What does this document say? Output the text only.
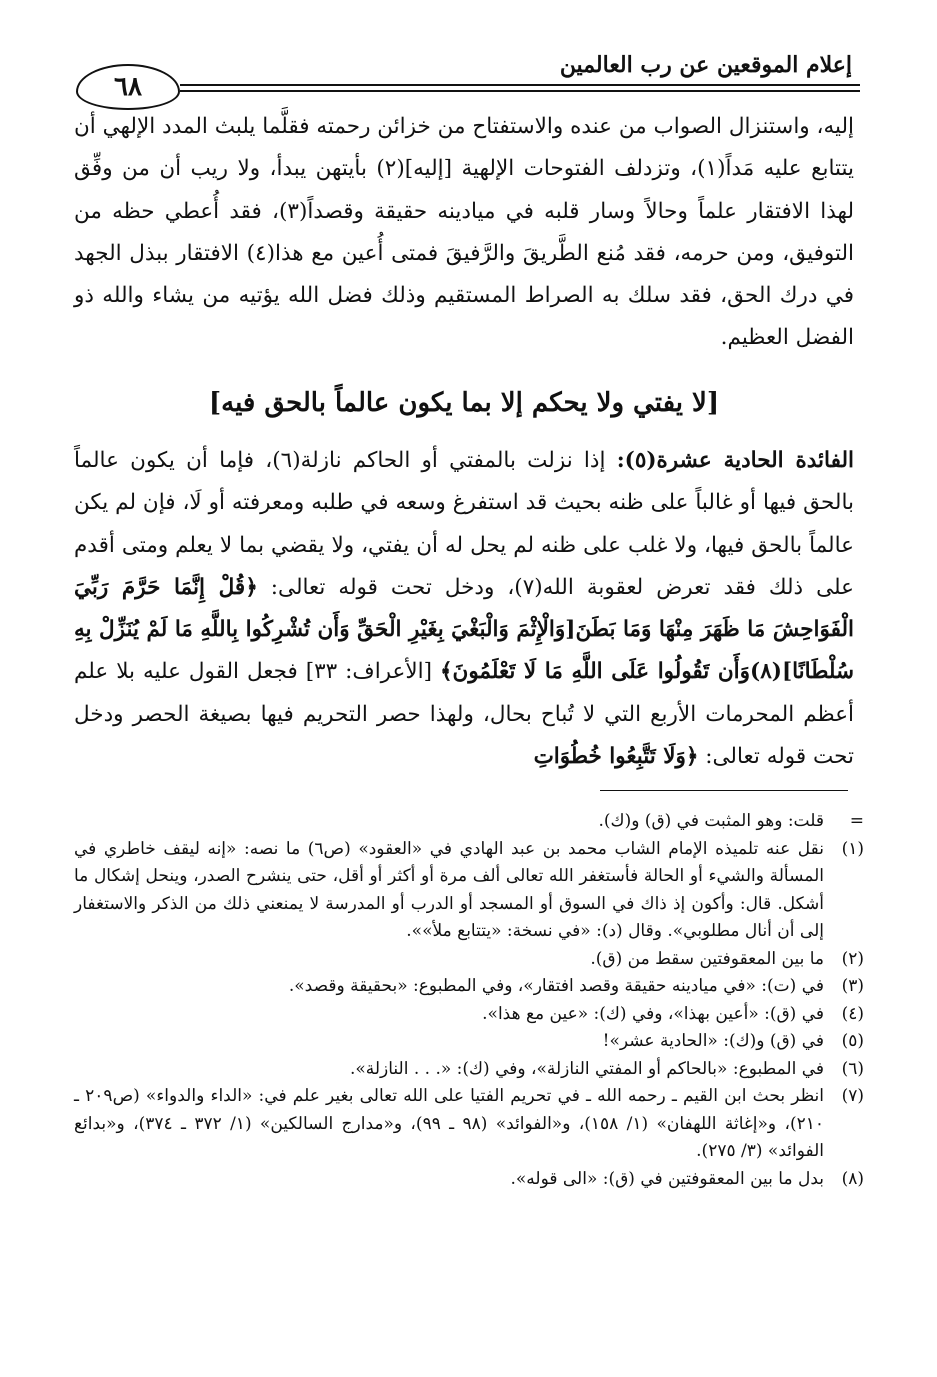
إعلام الموقعين عن رب العالمين
٦٨

إليه، واستنزال الصواب من عنده والاستفتاح من خزائن رحمته فقلَّما يلبث المدد الإلهي أن يتتابع عليه مَداً(١)، وتزدلف الفتوحات الإلهية [إليه](٢) بأيتهن يبدأ، ولا ريب أن من وفِّق لهذا الافتقار علماً وحالاً وسار قلبه في ميادينه حقيقة وقصداً(٣)، فقد أُعطي حظه من التوفيق، ومن حرمه، فقد مُنع الطَّريقَ والرَّفيقَ فمتى أُعين مع هذا(٤) الافتقار ببذل الجهد في درك الحق، فقد سلك به الصراط المستقيم وذلك فضل الله يؤتيه من يشاء والله ذو الفضل العظيم.

[لا يفتي ولا يحكم إلا بما يكون عالماً بالحق فيه]

الفائدة الحادية عشرة(٥): إذا نزلت بالمفتي أو الحاكم نازلة(٦)، فإما أن يكون عالماً بالحق فيها أو غالباً على ظنه بحيث قد استفرغ وسعه في طلبه ومعرفته أو لَا، فإن لم يكن عالماً بالحق فيها، ولا غلب على ظنه لم يحل له أن يفتي، ولا يقضي بما لا يعلم ومتى أقدم على ذلك فقد تعرض لعقوبة الله(٧)، ودخل تحت قوله تعالى: ﴿قُلْ إِنَّمَا حَرَّمَ رَبِّيَ الْفَوَاحِشَ مَا ظَهَرَ مِنْهَا وَمَا بَطَنَ[وَالْإِثْمَ وَالْبَغْيَ بِغَيْرِ الْحَقِّ وَأَن تُشْرِكُوا بِاللَّهِ مَا لَمْ يُنَزِّلْ بِهِ سُلْطَانًا](٨)وَأَن تَقُولُوا عَلَى اللَّهِ مَا لَا تَعْلَمُونَ﴾ [الأعراف: ٣٣] فجعل القول عليه بلا علم أعظم المحرمات الأربع التي لا تُباح بحال، ولهذا حصر التحريم فيها بصيغة الحصر ودخل تحت قوله تعالى: ﴿وَلَا تَتَّبِعُوا خُطُوَاتِ

=
قلت: وهو المثبت في (ق) و(ك).
(١)
نقل عنه تلميذه الإمام الشاب محمد بن عبد الهادي في «العقود» (ص٦) ما نصه: «إنه ليقف خاطري في المسألة والشيء أو الحالة فأستغفر الله تعالى ألف مرة أو أكثر أو أقل، حتى ينشرح الصدر، وينحل إشكال ما أشكل. قال: وأكون إذ ذاك في السوق أو المسجد أو الدرب أو المدرسة لا يمنعني ذلك من الذكر والاستغفار إلى أن أنال مطلوبي». وقال (د): «في نسخة: «يتتابع ملأ»».
(٢)
ما بين المعقوفتين سقط من (ق).
(٣)
في (ت): «في ميادينه حقيقة وقصد افتقار»، وفي المطبوع: «بحقيقة وقصد».
(٤)
في (ق): «أعين بهذا»، وفي (ك): «عين مع هذا».
(٥)
في (ق) و(ك): «الحادية عشر»!
(٦)
في المطبوع: «بالحاكم أو المفتي النازلة»، وفي (ك): «. . . النازلة».
(٧)
انظر بحث ابن القيم ـ رحمه الله ـ في تحريم الفتيا على الله تعالى بغير علم في: «الداء والدواء» (ص٢٠٩ ـ ٢١٠)، و«إغاثة اللهفان» (١/ ١٥٨)، و«الفوائد» (٩٨ ـ ٩٩)، و«مدارج السالكين» (١/ ٣٧٢ ـ ٣٧٤)، و«بدائع الفوائد» (٣/ ٢٧٥).
(٨)
بدل ما بين المعقوفتين في (ق): «الى قوله».
